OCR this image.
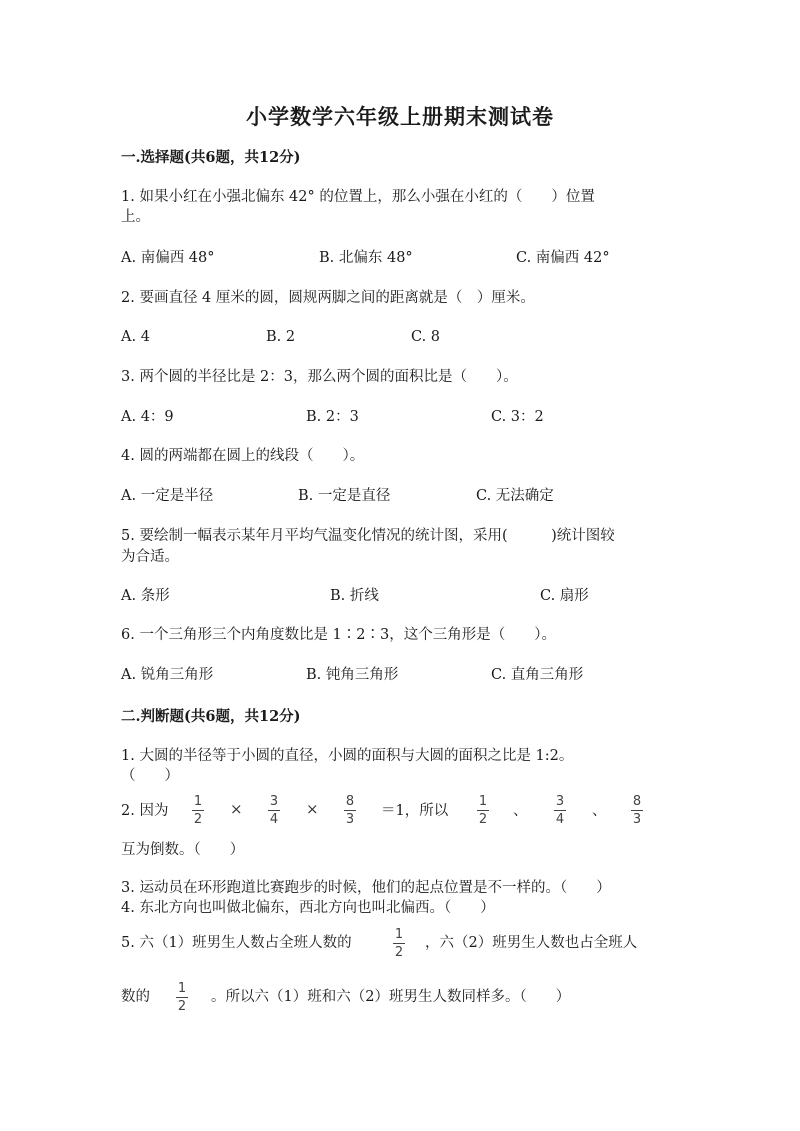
小学数学六年级上册期末测试卷
一.选择题(共6题，共12分)
1. 如果小红在小强北偏东 42° 的位置上，那么小强在小红的（　　）位置
上。
A. 南偏西 48°	B. 北偏东 48°	C. 南偏西 42°
2. 要画直径 4 厘米的圆，圆规两脚之间的距离就是（　）厘米。
A. 4	B. 2	C. 8
3. 两个圆的半径比是 2：3，那么两个圆的面积比是（　　）。
A. 4：9	B. 2：3	C. 3：2
4. 圆的两端都在圆上的线段（　　）。
A. 一定是半径	B. 一定是直径	C. 无法确定
5. 要绘制一幅表示某年月平均气温变化情况的统计图，采用(　　　)统计图较
为合适。
A. 条形	B. 折线	C. 扇形
6. 一个三角形三个内角度数比是 1∶2∶3，这个三角形是（　　）。
A. 锐角三角形	B. 钝角三角形	C. 直角三角形
二.判断题(共6题，共12分)
1. 大圆的半径等于小圆的直径，小圆的面积与大圆的面积之比是 1:2。
（　　）
2. 因为
1
2
× 3
4
× 8
3
＝1，所以
1
2
、
3
4
、
8
3
互为倒数。（　　）
3. 运动员在环形跑道比赛跑步的时候，他们的起点位置是不一样的。（　　）
4. 东北方向也叫做北偏东，西北方向也叫北偏西。（　　）
5. 六（1）班男生人数占全班人数的
1
2
，六（2）班男生人数也占全班人
数的
1
2
。所以六（1）班和六（2）班男生人数同样多。（　　）
